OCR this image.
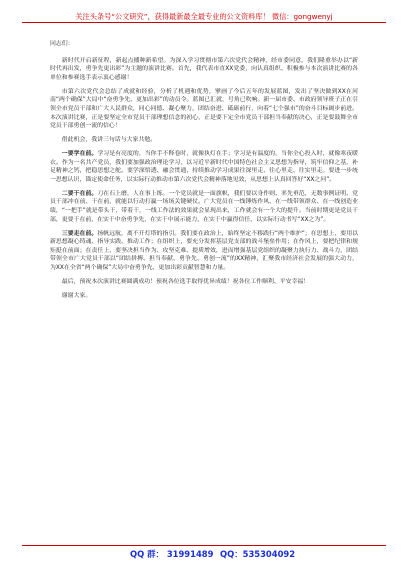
关注头条号“公文研究”，获得最新最全最专业的公文资料库！ 微信：gongwenyj

同志们：

新时代开启新征程，新起点播种新希望。为深入学习贯彻市第六次党代会精神，经市委同意，我们隆重举办以“新时代再出发，勇争先更出彩”为主题的演讲比赛。首先，我代表市直XX党委，向认真组织、积极参与本次演讲比赛的各单位和参赛选手表示衷心感谢！

市第六次党代会总结了成就和经验，分析了机遇和优势，擘画了今后五年的发展蓝图，发出了坚决做到XX在河南“两个确保”大局中“奋勇争先、更加出彩”的动员令。蓝图已汇就，号角已吹响。新一届市委、市政府领导班子正在引领全市党员干部和广大人民群众，同心同德、凝心聚力，团结奋进、砥砺前行，向着“七个强市”的奋斗目标阔步前进。本次演讲比赛，正是要坚定全市党员干部理想信念的初心，正是要下定全市党员干部担当奉献的决心，正是要鼓舞全市党员干部勇创一流的信心！

借此机会，我讲三句话与大家共勉。

一要学在前。学习是有亮度的，当你手不释卷时，就像执灯在手；学习是有温度的，当你全心投入时，就像寒夜暖衣。作为一名共产党员，我们要加强政治理论学习，以习近平新时代中国特色社会主义思想为指导，筑牢信仰之基，补足精神之钙，把稳思想之舵。要学深悟透、融会贯通，持续推动学习成果往深里走、往心里走、往实里走。要进一步统一思想认识，锚定使命任务，以实际行动推动市第六次党代会精神落地见效，从思想上认真回答好“XX之问”。

二要干在前。刀在石上磨，人在事上练。一个党员就是一面旗帜，我们要以身作则、率先垂范，无数事例证明，党员干部冲在前、干在前，就能以行动打赢一场场关键硬仗。广大党员在一线锤炼作风、在一线带领群众、在一线创造业绩，“一把手”就是带头干，带着干，一线工作法的效果就会显现出来，工作就会有一个大的提升。当前时期更是党员干部，更要干在前，在实干中奋勇争先，在实干中展示能力，在实干中赢得信任，以实际行动书写“XX之为”。

三要走在前。扬帆远航，离不开灯塔的指引。我们要在政治上，始终坚定不移践行“两个维护”；在思想上，要用以新思想凝心铸魂、指导实践、推动工作；在组织上，要充分发挥基层党支部的战斗堡垒作用；在作风上，要把纪律和规矩挺在前面；在责任上，要坚决担当作为、攻坚克难、提质增效，进而增强基层党组织的凝聚力执行力、战斗力，团结带领全市广大党员干部以“团结拼搏、担当奉献、勇争先、勇创一流”的XX精神，汇聚我市经济社会发展的强大动力，为XX在全省“两个确保”大局中奋勇争先、更加出彩贡献智慧和力量。

最后，预祝本次演讲比赛圆满成功！预祝各位选手取得优异成绩！祝各位工作顺利、平安幸福！

谢谢大家。

QQ 群： 31991489 QQ：535304092
